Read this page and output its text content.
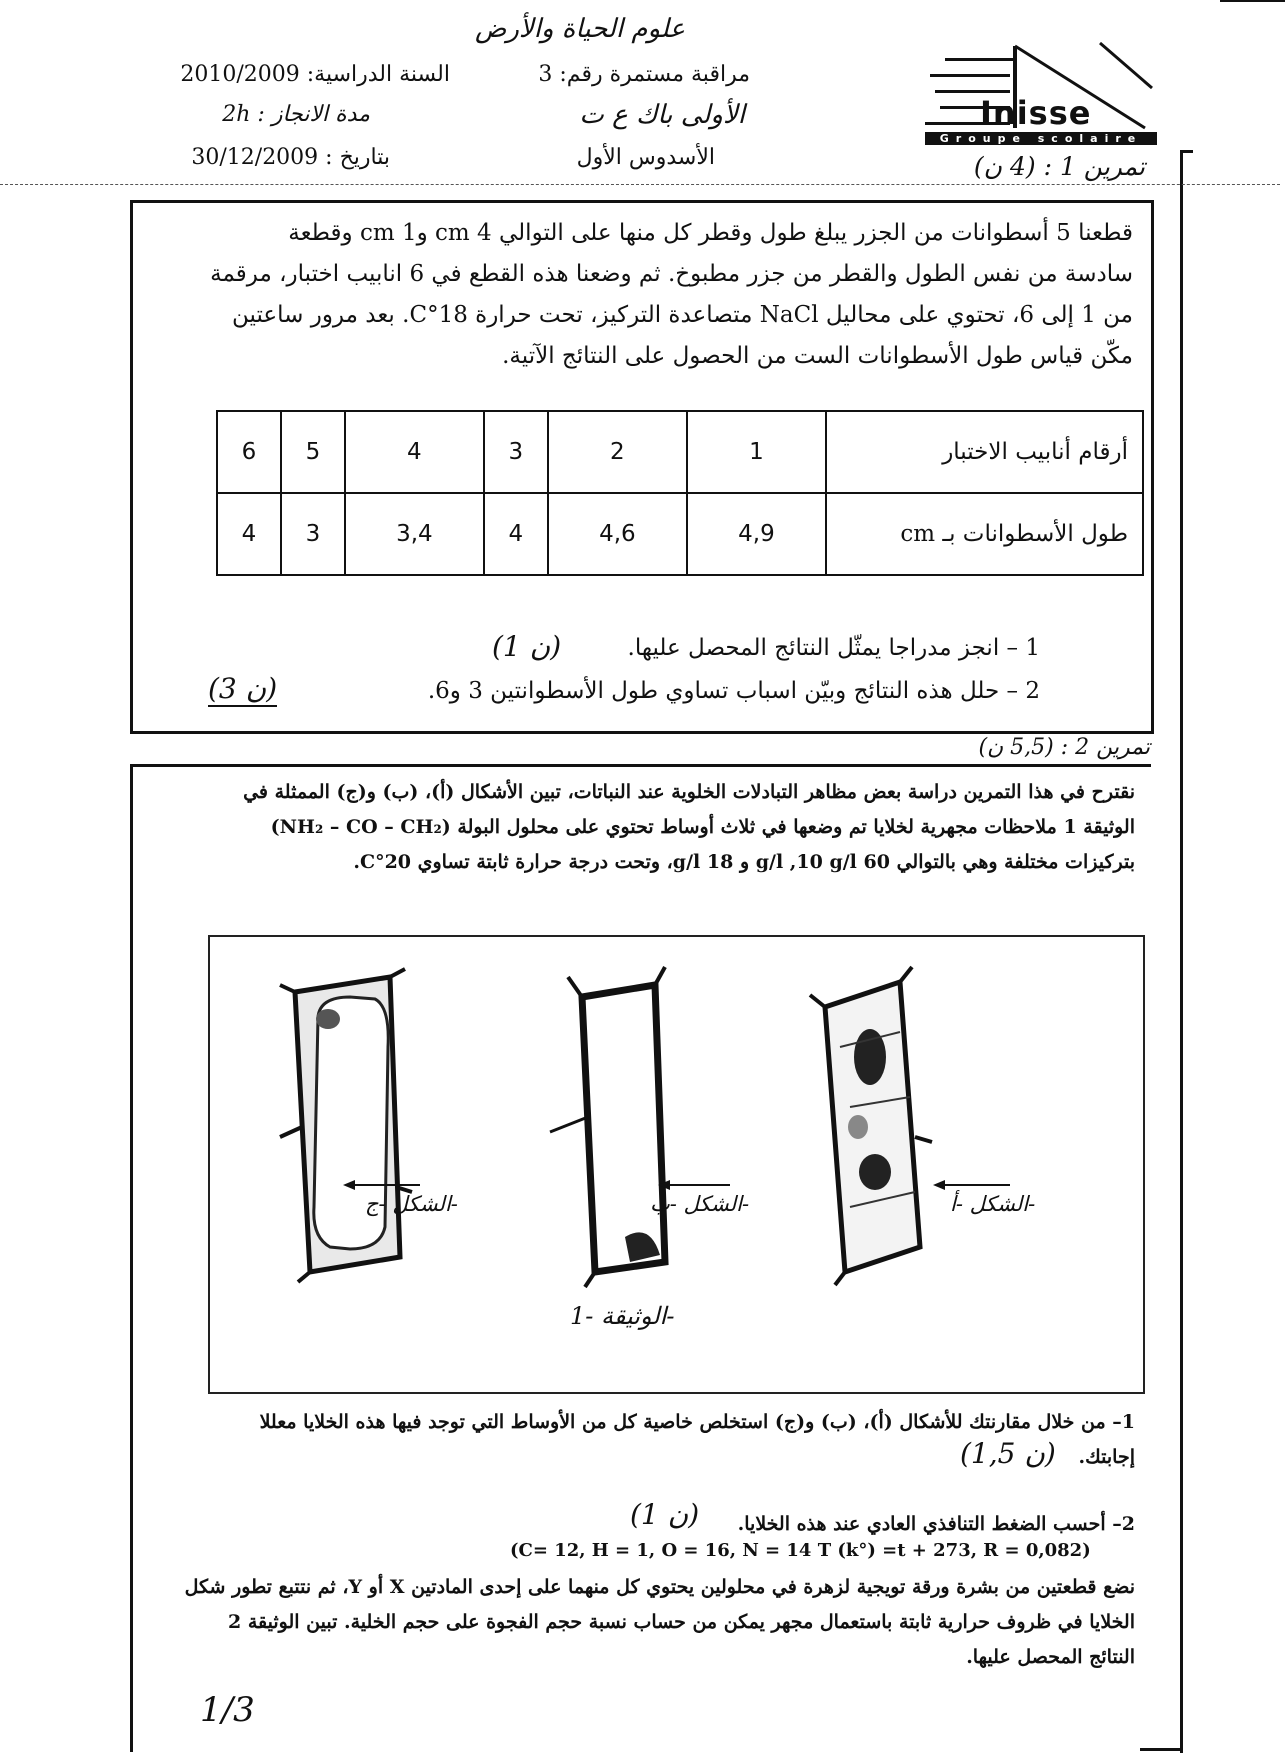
علوم الحياة والأرض
السنة الدراسية: 2010/2009	مراقبة مستمرة رقم: 3
مدة الانجاز : 2h	الأولى باك ع ت
بتاريخ : 30/12/2009	الأسدوس الأول
Inisse
Groupe scolaire
تمرين 1 : (4 ن)
قطعنا 5 أسطوانات من الجزر يبلغ طول وقطر كل منها على التوالي 4 cm و1 cm وقطعة
سادسة من نفس الطول والقطر من جزر مطبوخ. ثم وضعنا هذه القطع في 6 انابيب اختبار، مرقمة
من 1 إلى 6، تحتوي على محاليل NaCl متصاعدة التركيز، تحت حرارة 18°C. بعد مرور ساعتين
مكّن قياس طول الأسطوانات الست من الحصول على النتائج الآتية.
أرقام أنابيب الاختبار	1	2	3	4	5	6
طول الأسطوانات بـ cm	4,9	4,6	4	3,4	3	4
1 – انجز مدراجا يمثّل النتائج المحصل عليها.
(1 ن)
2 – حلل هذه النتائج وبيّن اسباب تساوي طول الأسطوانتين 3 و6.
(3 ن)
تمرين 2 : (5,5 ن)
نقترح في هذا التمرين دراسة بعض مظاهر التبادلات الخلوية عند النباتات، تبين الأشكال (أ)، (ب) و(ج) الممثلة في
الوثيقة 1 ملاحظات مجهرية لخلايا تم وضعها في ثلاث أوساط تحتوي على محلول البولة (NH₂ – CO – CH₂)
بتركيزات مختلفة وهي بالتوالي 60 g/l ,10 g/l و 18 g/l، وتحت درجة حرارة ثابتة تساوي 20°C.
الشكل -ج-	الشكل -ب-	الشكل -أ-
الوثيقة -1-
1– من خلال مقارنتك للأشكال (أ)، (ب) و(ج) استخلص خاصية كل من الأوساط التي توجد فيها هذه الخلايا معللا
إجابتك.
(1,5 ن)
2– أحسب الضغط التنافذي العادي عند هذه الخلايا.
(1 ن)
(C= 12, H = 1, O = 16, N = 14 T (k°) =t + 273, R = 0,082)
نضع قطعتين من بشرة ورقة تويجية لزهرة في محلولين يحتوي كل منهما على إحدى المادتين X أو Y، ثم نتتبع تطور شكل
الخلايا في ظروف حرارية ثابتة باستعمال مجهر يمكن من حساب نسبة حجم الفجوة على حجم الخلية. تبين الوثيقة 2
النتائج المحصل عليها.
1/3
